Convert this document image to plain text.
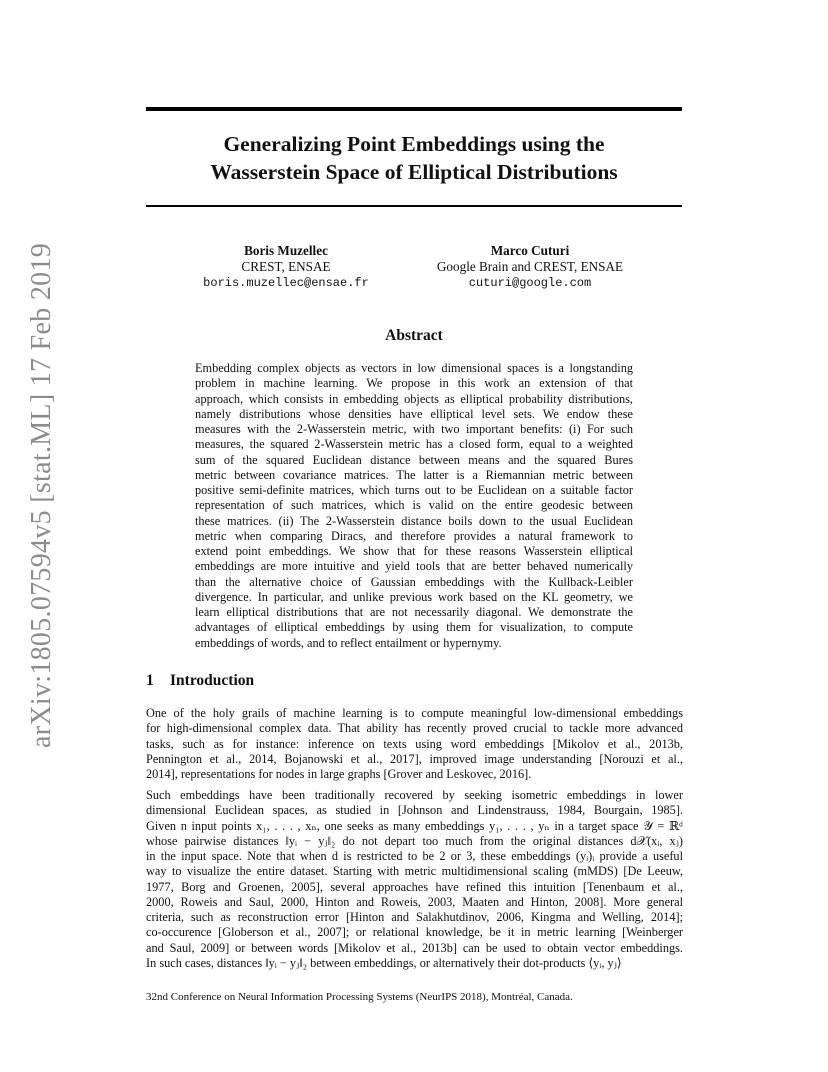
arXiv:1805.07594v5 [stat.ML] 17 Feb 2019
Generalizing Point Embeddings using the
Wasserstein Space of Elliptical Distributions
Boris Muzellec
CREST, ENSAE
boris.muzellec@ensae.fr
Marco Cuturi
Google Brain and CREST, ENSAE
cuturi@google.com
Abstract
Embedding complex objects as vectors in low dimensional spaces is a longstanding
problem in machine learning. We propose in this work an extension of that
approach, which consists in embedding objects as elliptical probability distributions,
namely distributions whose densities have elliptical level sets. We endow these
measures with the 2-Wasserstein metric, with two important benefits: (i) For such
measures, the squared 2-Wasserstein metric has a closed form, equal to a weighted
sum of the squared Euclidean distance between means and the squared Bures
metric between covariance matrices. The latter is a Riemannian metric between
positive semi-definite matrices, which turns out to be Euclidean on a suitable factor
representation of such matrices, which is valid on the entire geodesic between
these matrices. (ii) The 2-Wasserstein distance boils down to the usual Euclidean
metric when comparing Diracs, and therefore provides a natural framework to
extend point embeddings. We show that for these reasons Wasserstein elliptical
embeddings are more intuitive and yield tools that are better behaved numerically
than the alternative choice of Gaussian embeddings with the Kullback-Leibler
divergence. In particular, and unlike previous work based on the KL geometry, we
learn elliptical distributions that are not necessarily diagonal. We demonstrate the
advantages of elliptical embeddings by using them for visualization, to compute
embeddings of words, and to reflect entailment or hypernymy.
1 Introduction
One of the holy grails of machine learning is to compute meaningful low-dimensional embeddings
for high-dimensional complex data. That ability has recently proved crucial to tackle more advanced
tasks, such as for instance: inference on texts using word embeddings [Mikolov et al., 2013b,
Pennington et al., 2014, Bojanowski et al., 2017], improved image understanding [Norouzi et al.,
2014], representations for nodes in large graphs [Grover and Leskovec, 2016].
Such embeddings have been traditionally recovered by seeking isometric embeddings in lower
dimensional Euclidean spaces, as studied in [Johnson and Lindenstrauss, 1984, Bourgain, 1985].
Given n input points x₁, . . . , xₙ, one seeks as many embeddings y₁, . . . , yₙ in a target space 𝒴 = ℝᵈ
whose pairwise distances ‖yᵢ − yⱼ‖₂ do not depart too much from the original distances d𝒳(xᵢ, xⱼ)
in the input space. Note that when d is restricted to be 2 or 3, these embeddings (yᵢ)ᵢ provide a useful
way to visualize the entire dataset. Starting with metric multidimensional scaling (mMDS) [De Leeuw,
1977, Borg and Groenen, 2005], several approaches have refined this intuition [Tenenbaum et al.,
2000, Roweis and Saul, 2000, Hinton and Roweis, 2003, Maaten and Hinton, 2008]. More general
criteria, such as reconstruction error [Hinton and Salakhutdinov, 2006, Kingma and Welling, 2014];
co-occurence [Globerson et al., 2007]; or relational knowledge, be it in metric learning [Weinberger
and Saul, 2009] or between words [Mikolov et al., 2013b] can be used to obtain vector embeddings.
In such cases, distances ‖yᵢ − yⱼ‖₂ between embeddings, or alternatively their dot-products ⟨yᵢ, yⱼ⟩
32nd Conference on Neural Information Processing Systems (NeurIPS 2018), Montréal, Canada.
